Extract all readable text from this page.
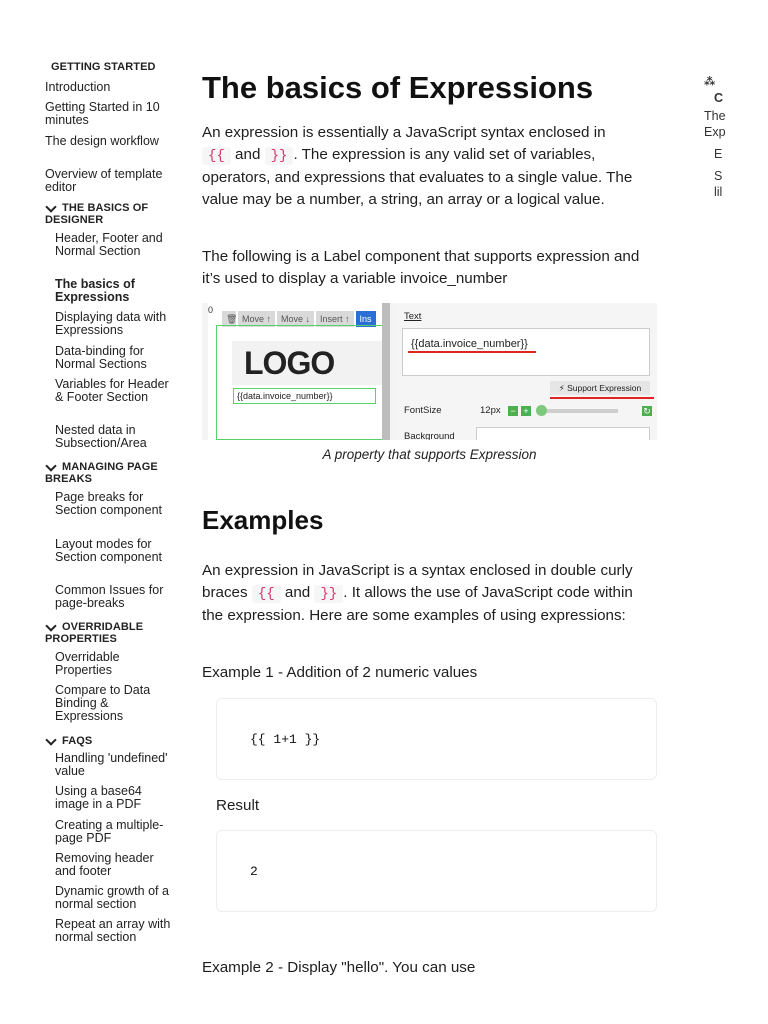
GETTING STARTED
Introduction
Getting Started in 10 minutes
The design workflow
Overview of template editor
THE BASICS OF DESIGNER
Header, Footer and Normal Section
The basics of Expressions
Displaying data with Expressions
Data-binding for Normal Sections
Variables for Header & Footer Section
Nested data in Subsection/Area
MANAGING PAGE BREAKS
Page breaks for Section component
Layout modes for Section component
Common Issues for page-breaks
OVERRIDABLE PROPERTIES
Overridable Properties
Compare to Data Binding & Expressions
FAQS
Handling 'undefined' value
Using a base64 image in a PDF
Creating a multiple-page PDF
Removing header and footer
Dynamic growth of a normal section
Repeat an array with normal section
The basics of Expressions

An expression is essentially a JavaScript syntax enclosed in
{{ and }} . The expression is any valid set of variables, operators, and expressions that evaluates to a single value. The value may be a number, a string, an array or a logical value.

The following is a Label component that supports expression and it’s used to display a variable invoice_number

0
🗑 Move ↑	Move ↓	Insert ↑	Ins
LOGO
{{data.invoice_number}}
Text
{{data.invoice_number}}
⚡ Support Expression
FontSize	12px − +	↻
Background
A property that supports Expression
Examples

An expression in JavaScript is a syntax enclosed in double curly braces {{ and }} . It allows the use of JavaScript code within the expression. Here are some examples of using expressions:

Example 1 - Addition of 2 numeric values

{{ 1+1 }}

Result

2

Example 2 - Display "hello". You can use

⁂
C
The
Exp
E
S
lil
